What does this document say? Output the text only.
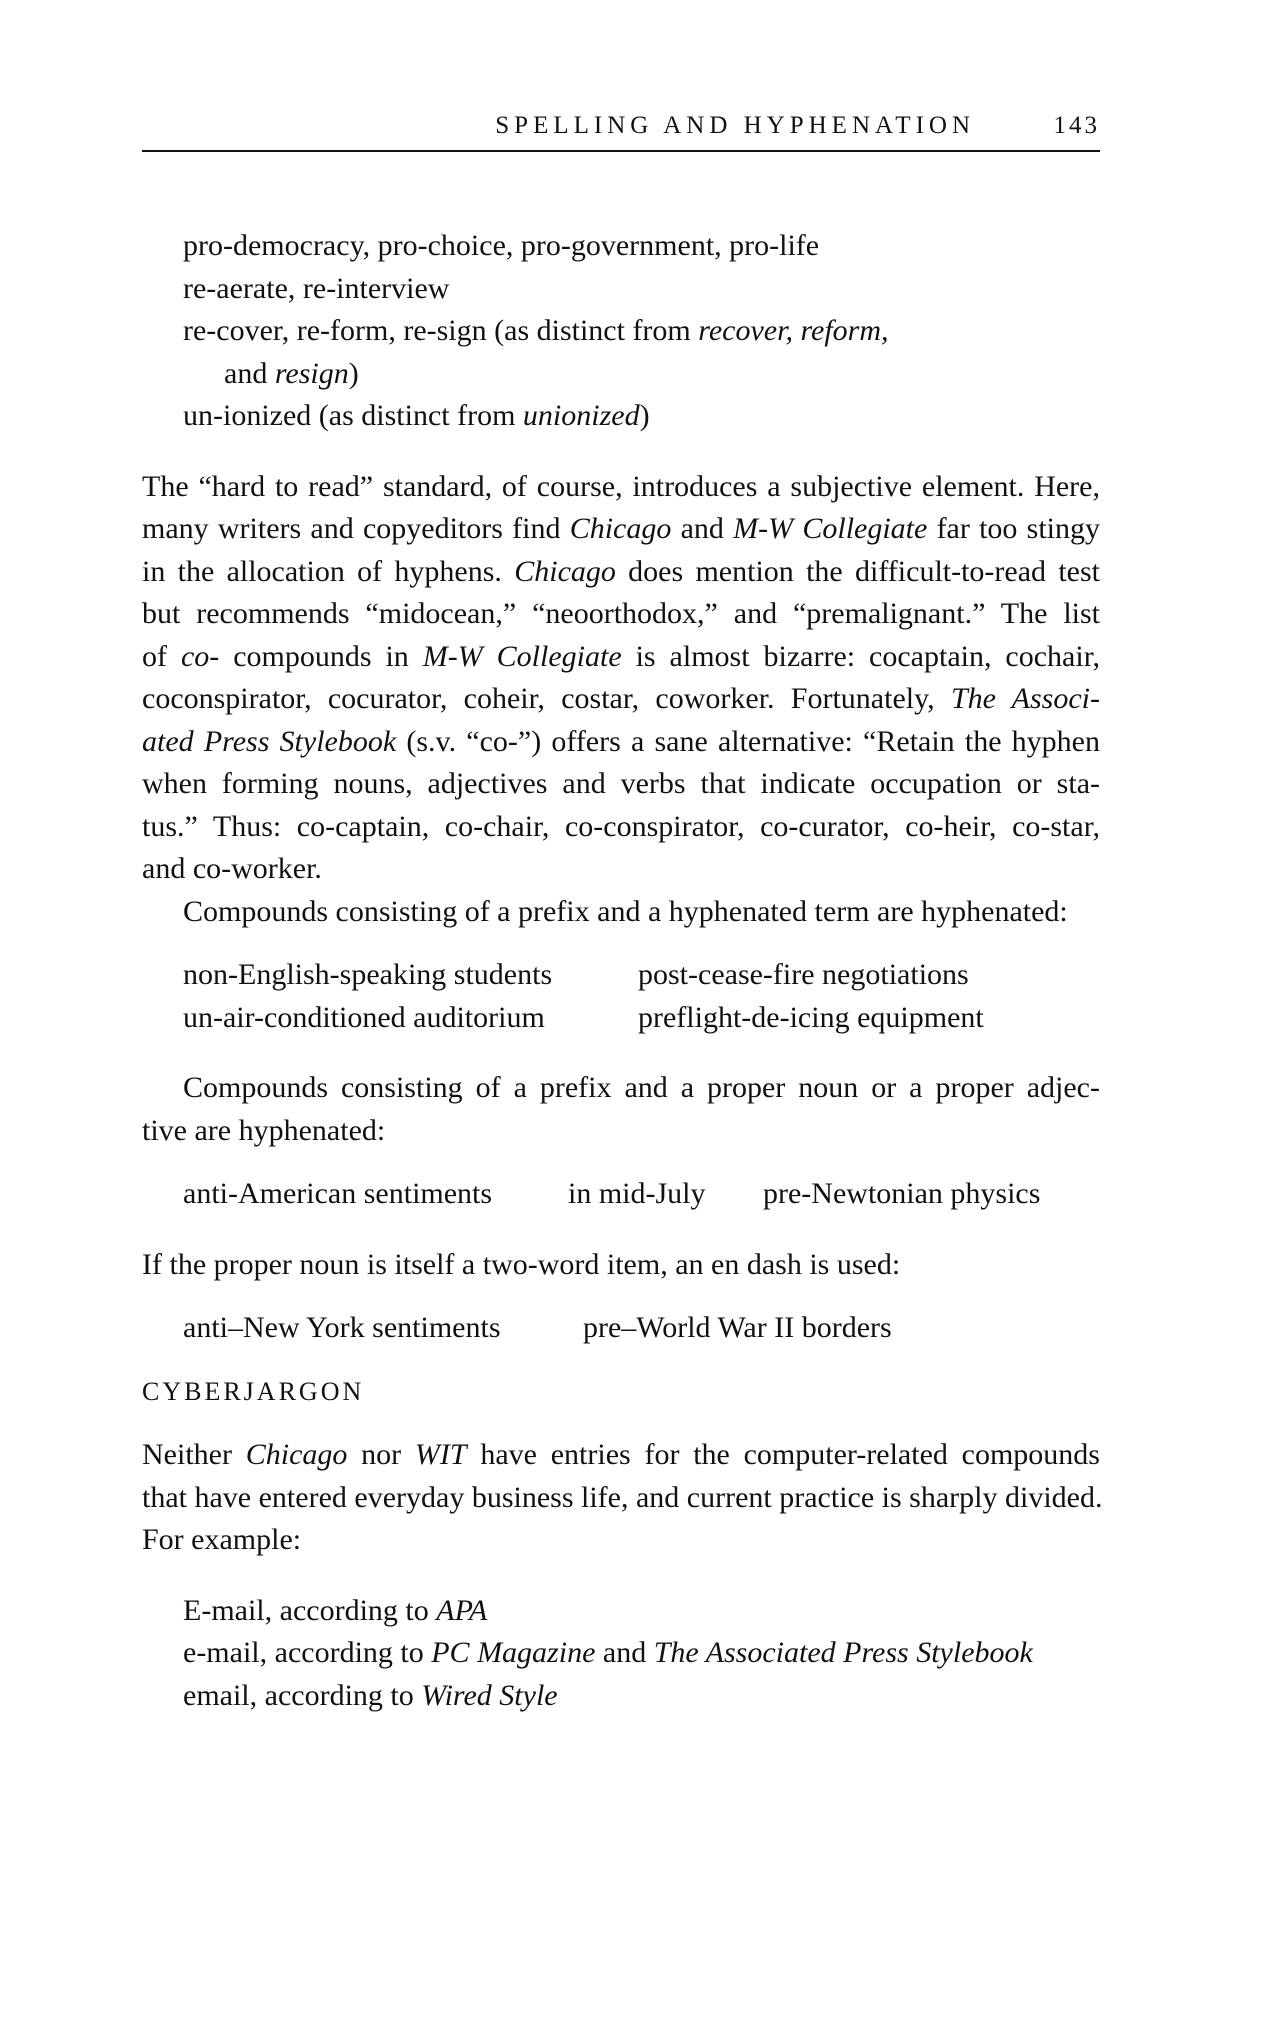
SPELLING AND HYPHENATION	143
pro-democracy, pro-choice, pro-government, pro-life
re-aerate, re-interview
re-cover, re-form, re-sign (as distinct from recover, reform,
and resign)
un-ionized (as distinct from unionized)
The “hard to read” standard, of course, introduces a subjective element. Here,
many writers and copyeditors find Chicago and M-W Collegiate far too stingy
in the allocation of hyphens. Chicago does mention the difficult-to-read test
but recommends “midocean,” “neoorthodox,” and “premalignant.” The list
of co- compounds in M-W Collegiate is almost bizarre: cocaptain, cochair,
coconspirator, cocurator, coheir, costar, coworker. Fortunately, The Associ-
ated Press Stylebook (s.v. “co-”) offers a sane alternative: “Retain the hyphen
when forming nouns, adjectives and verbs that indicate occupation or sta-
tus.” Thus: co-captain, co-chair, co-conspirator, co-curator, co-heir, co-star,
and co-worker.
Compounds consisting of a prefix and a hyphenated term are hyphenated:
non-English-speaking students	post-cease-fire negotiations
un-air-conditioned auditorium	preflight-de-icing equipment
Compounds consisting of a prefix and a proper noun or a proper adjec-
tive are hyphenated:
anti-American sentiments	in mid-July	pre-Newtonian physics
If the proper noun is itself a two-word item, an en dash is used:
anti–New York sentiments	pre–World War II borders
CYBERJARGON
Neither Chicago nor WIT have entries for the computer-related compounds
that have entered everyday business life, and current practice is sharply divided.
For example:
E-mail, according to APA
e-mail, according to PC Magazine and The Associated Press Stylebook
email, according to Wired Style
